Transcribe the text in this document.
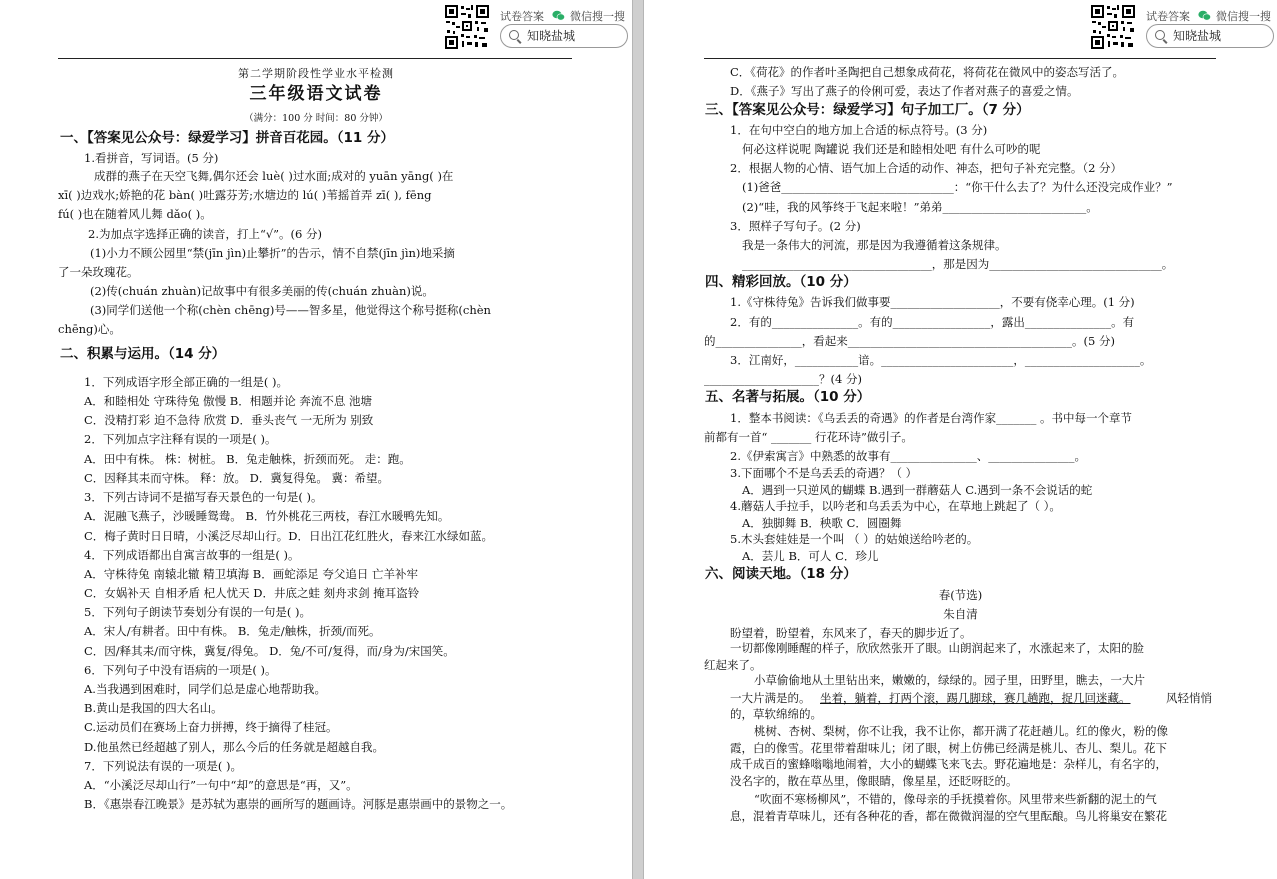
试卷答案 微信搜一搜
知晓盐城
第二学期阶段性学业水平检测
三年级语文试卷
（满分：100 分 时间：80 分钟）
一、【答案见公众号：绿爱学习】拼音百花园。（11 分）
1.看拼音，写词语。(5 分)
成群的燕子在天空飞舞,偶尔还会 luè( )过水面;成对的 yuān yāng( )在
xī( )边戏水;娇艳的花 bàn( )吐露芬芳;水塘边的 lú( )苇摇首弄 zī( ), fēng
fú( )也在随着风儿舞 dǎo( )。
2.为加点字选择正确的读音，打上“√”。(6 分)
(1)小力不顾公园里“禁(jīn jìn)止攀折”的告示，情不自禁(jīn jìn)地采摘
了一朵玫瑰花。
(2)传(chuán zhuàn)记故事中有很多美丽的传(chuán zhuàn)说。
(3)同学们送他一个称(chèn chēng)号——智多星，他觉得这个称号挺称(chèn
chēng)心。
二、积累与运用。（14 分）
1．下列成语字形全部正确的一组是( )。
A．和睦相处 守珠待兔 傲慢 B．相题并论 奔流不息 池塘
C．没精打彩 迫不急待 欣赏 D．垂头丧气 一无所为 别致
2．下列加点字注释有误的一项是( )。
A．田中有株。 株：树桩。 B．兔走触株，折颈而死。 走：跑。
C．因释其耒而守株。 释：放。 D．冀复得兔。 冀：希望。
3．下列古诗词不是描写春天景色的一句是( )。
A．泥融飞燕子，沙暖睡鸳鸯。 B．竹外桃花三两枝，春江水暖鸭先知。
C．梅子黄时日日晴，小溪泛尽却山行。D．日出江花红胜火，春来江水绿如蓝。
4．下列成语都出自寓言故事的一组是( )。
A．守株待兔 南辕北辙 精卫填海 B．画蛇添足 夸父追日 亡羊补牢
C．女娲补天 自相矛盾 杞人忧天 D．井底之蛙 刻舟求剑 掩耳盗铃
5．下列句子朗读节奏划分有误的一句是( )。
A．宋人/有耕者。田中有株。 B．兔走/触株，折颈/而死。
C．因/释其耒/而守株，冀复/得兔。 D．兔/不可/复得，而/身为/宋国笑。
6．下列句子中没有语病的一项是( )。
A.当我遇到困难时，同学们总是虚心地帮助我。
B.黄山是我国的四大名山。
C.运动员们在赛场上奋力拼搏，终于摘得了桂冠。
D.他虽然已经超越了别人，那么今后的任务就是超越自我。
7．下列说法有误的一项是( )。
A．“小溪泛尽却山行”一句中“却”的意思是“再，又”。
B．《惠崇春江晚景》是苏轼为惠崇的画所写的题画诗。河豚是惠崇画中的景物之一。
试卷答案 微信搜一搜
知晓盐城
C．《荷花》的作者叶圣陶把自己想象成荷花，将荷花在微风中的姿态写活了。
D．《燕子》写出了燕子的伶俐可爱，表达了作者对燕子的喜爱之情。
三、【答案见公众号：绿爱学习】句子加工厂。（7 分）
1．在句中空白的地方加上合适的标点符号。(3 分)
何必这样说呢 陶罐说 我们还是和睦相处吧 有什么可吵的呢
2．根据人物的心情、语气加上合适的动作、神态，把句子补充完整。（2 分）
(1)爸爸______________________________：“你干什么去了？为什么还没完成作业？”
(2)“哇，我的风筝终于飞起来啦！”弟弟_________________________。
3．照样子写句子。(2 分)
我是一条伟大的河流，那是因为我遵循着这条规律。
_________________________________，那是因为______________________________。
四、精彩回放。（10 分）
1.《守株待兔》告诉我们做事要___________________，不要有侥幸心理。(1 分)
2．有的_______________。有的_________________，露出_______________。有
的_______________，看起来_______________________________________。(5 分)
3．江南好，___________谙。_______________________，____________________。
____________________？(4 分)
五、名著与拓展。（10 分）
1．整本书阅读：《乌丢丢的奇遇》的作者是台湾作家_______ 。书中每一个章节
前都有一首“ _______ 行花环诗”做引子。
2.《伊索寓言》中熟悉的故事有_______________、_______________。
3.下面哪个不是乌丢丢的奇遇？（ ）
A．遇到一只逆风的蝴蝶 B.遇到一群蘑菇人 C.遇到一条不会说话的蛇
4.蘑菇人手拉手，以吟老和乌丢丢为中心，在草地上跳起了（ ）。
A．独脚舞 B．秧歌 C．圆圈舞
5.木头套娃娃是一个叫 （ ）的姑娘送给吟老的。
A．芸儿 B．可人 C．珍儿
六、阅读天地。（18 分）
春(节选)
朱自清
盼望着，盼望着，东风来了，春天的脚步近了。
一切都像刚睡醒的样子，欣欣然张开了眼。山朗润起来了，水涨起来了，太阳的脸
红起来了。
小草偷偷地从土里钻出来，嫩嫩的，绿绿的。园子里，田野里，瞧去，一大片
一大片满是的。 坐着，躺着，打两个滚，踢几脚球，赛几趟跑，捉几回迷藏。	风轻悄悄
的，草软绵绵的。
桃树、杏树、梨树，你不让我，我不让你，都开满了花赶趟儿。红的像火，粉的像
霞，白的像雪。花里带着甜味儿；闭了眼，树上仿佛已经满是桃儿、杏儿、梨儿。花下
成千成百的蜜蜂嗡嗡地闹着，大小的蝴蝶飞来飞去。野花遍地是：杂样儿，有名字的，
没名字的，散在草丛里，像眼睛，像星星，还眨呀眨的。
“吹面不寒杨柳风”，不错的，像母亲的手抚摸着你。风里带来些新翻的泥土的气
息，混着青草味儿，还有各种花的香，都在微微润湿的空气里酝酿。鸟儿将巢安在繁花
